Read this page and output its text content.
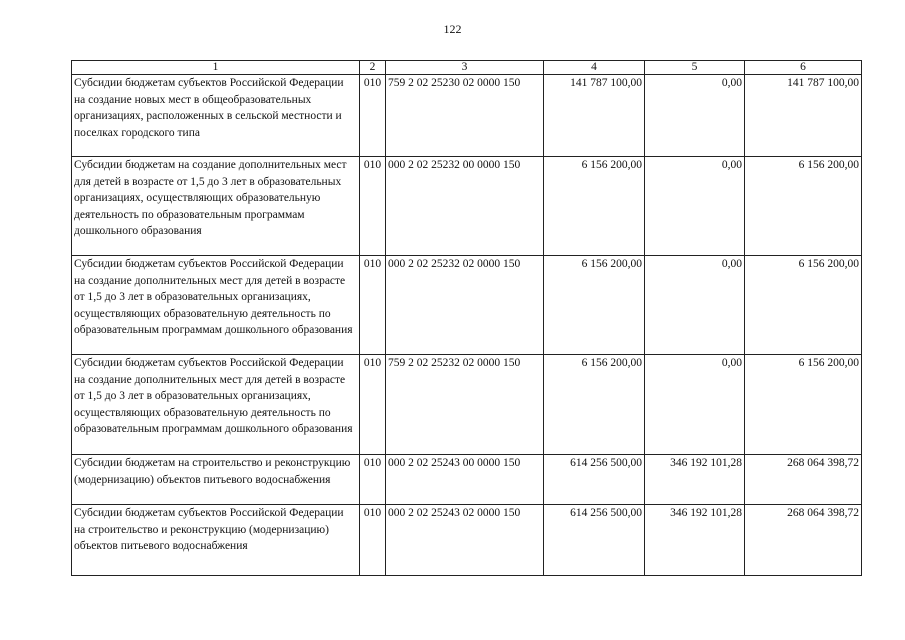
122
1	2	3	4	5	6
Субсидии бюджетам субъектов Российской Федерации на создание новых мест в общеобразовательных организациях, расположенных в сельской местности и поселках городского типа	010	759 2 02 25230 02 0000 150	141 787 100,00	0,00	141 787 100,00
Субсидии бюджетам на создание дополнительных мест для детей в возрасте от 1,5 до 3 лет в образовательных организациях, осуществляющих образовательную деятельность по образовательным программам дошкольного образования	010	000 2 02 25232 00 0000 150	6 156 200,00	0,00	6 156 200,00
Субсидии бюджетам субъектов Российской Федерации на создание дополнительных мест для детей в возрасте от 1,5 до 3 лет в образовательных организациях, осуществляющих образовательную деятельность по образовательным программам дошкольного образования	010	000 2 02 25232 02 0000 150	6 156 200,00	0,00	6 156 200,00
Субсидии бюджетам субъектов Российской Федерации на создание дополнительных мест для детей в возрасте от 1,5 до 3 лет в образовательных организациях, осуществляющих образовательную деятельность по образовательным программам дошкольного образования	010	759 2 02 25232 02 0000 150	6 156 200,00	0,00	6 156 200,00
Субсидии бюджетам на строительство и реконструкцию (модернизацию) объектов питьевого водоснабжения	010	000 2 02 25243 00 0000 150	614 256 500,00	346 192 101,28	268 064 398,72
Субсидии бюджетам субъектов Российской Федерации на строительство и реконструкцию (модернизацию) объектов питьевого водоснабжения	010	000 2 02 25243 02 0000 150	614 256 500,00	346 192 101,28	268 064 398,72
